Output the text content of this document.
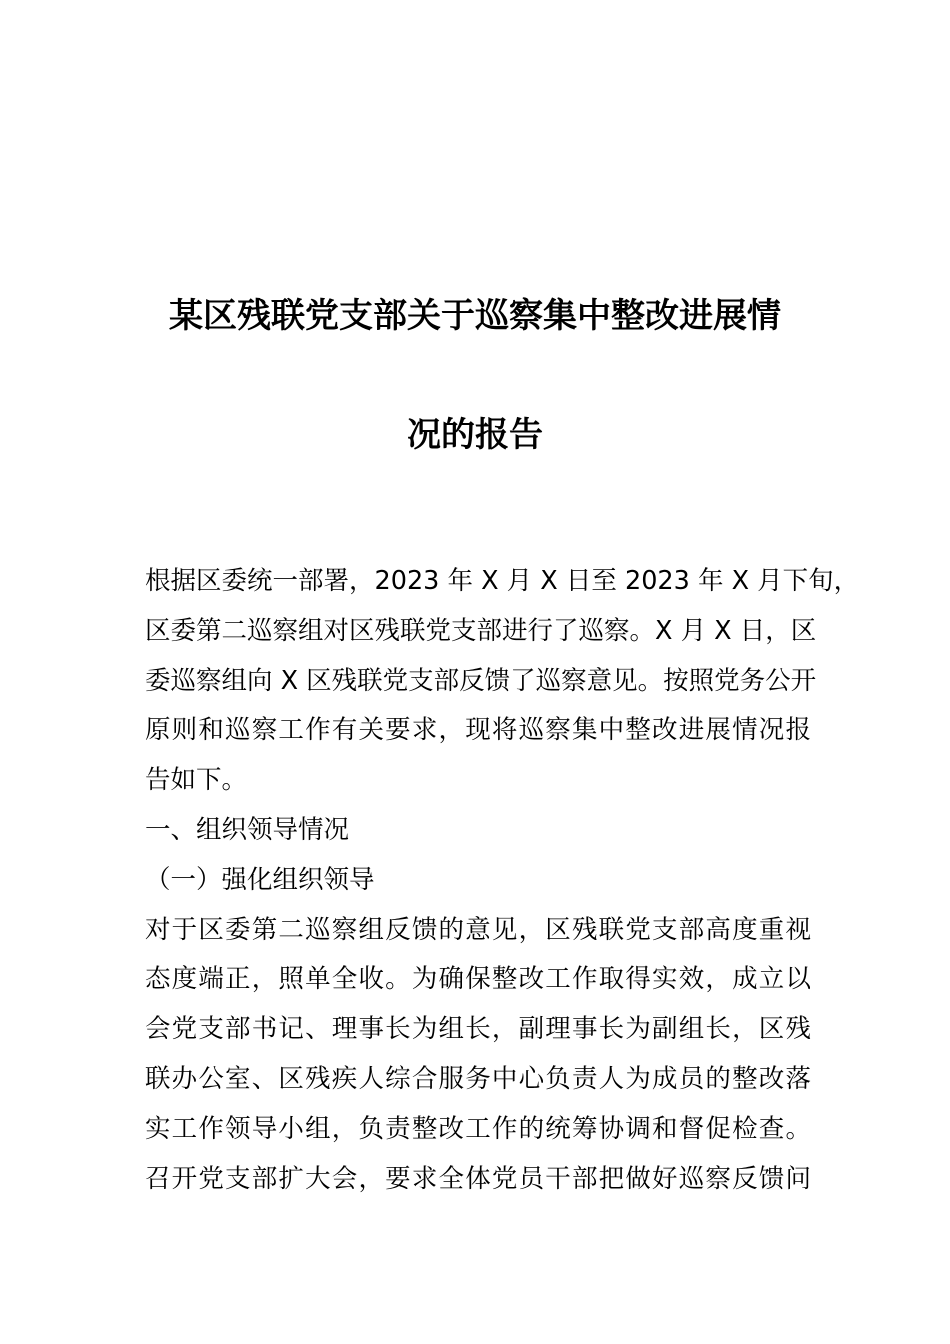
某区残联党支部关于巡察集中整改进展情
况的报告
根据区委统一部署，2023 年 X 月 X 日至 2023 年 X 月下旬，
区委第二巡察组对区残联党支部进行了巡察。X 月 X 日，区
委巡察组向 X 区残联党支部反馈了巡察意见。按照党务公开
原则和巡察工作有关要求，现将巡察集中整改进展情况报
告如下。
一、组织领导情况
（一）强化组织领导
对于区委第二巡察组反馈的意见，区残联党支部高度重视
态度端正，照单全收。为确保整改工作取得实效，成立以
会党支部书记、理事长为组长，副理事长为副组长，区残
联办公室、区残疾人综合服务中心负责人为成员的整改落
实工作领导小组，负责整改工作的统筹协调和督促检查。
召开党支部扩大会，要求全体党员干部把做好巡察反馈问
